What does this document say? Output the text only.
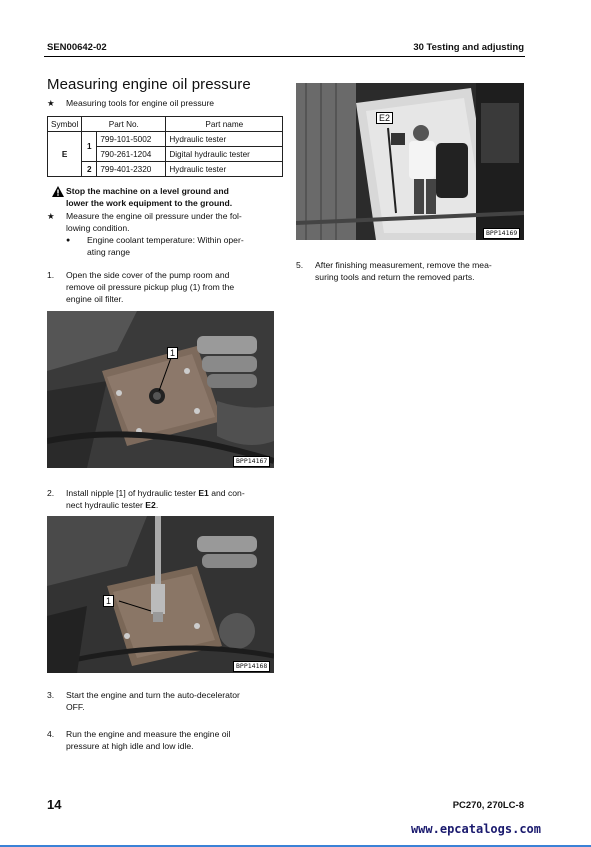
SEN00642-02	30 Testing and adjusting
Measuring engine oil pressure
★ Measuring tools for engine oil pressure
Symbol	Part No.		Part name
E	1	799-101-5002	Hydraulic tester
		790-261-1204	Digital hydraulic tester
	2	799-401-2320	Hydraulic tester
Stop the machine on a level ground and
lower the work equipment to the ground.
★ Measure the engine oil pressure under the fol-
lowing condition.
● Engine coolant temperature: Within oper-
ating range
1. Open the side cover of the pump room and
remove oil pressure pickup plug (1) from the
engine oil filter.
1
BPP14167
2. Install nipple [1] of hydraulic tester E1 and con-
nect hydraulic tester E2.
1
BPP14168
3. Start the engine and turn the auto-decelerator
OFF.
4. Run the engine and measure the engine oil
pressure at high idle and low idle.
E2
BPP14169
5. After finishing measurement, remove the mea-
suring tools and return the removed parts.
14	PC270, 270LC-8
www.epcatalogs.com
